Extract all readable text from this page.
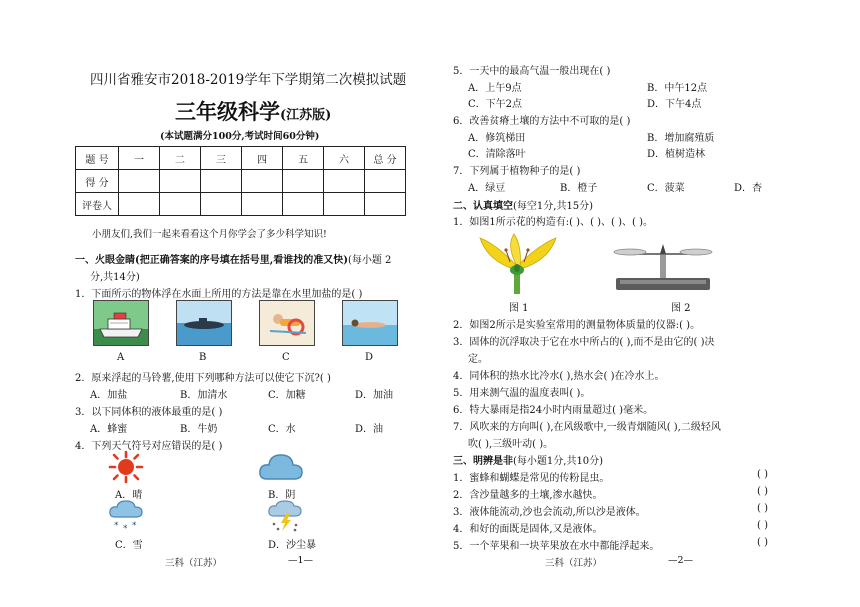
四川省雅安市2018-2019学年下学期第二次模拟试题
三年级科学(江苏版)
(本试题满分100分,考试时间60分钟)
题 号	一	二	三	四	五	六	总 分
得 分							
评卷人							
小朋友们,我们一起来看看这个月你学会了多少科学知识!
一、火眼金睛(把正确答案的序号填在括号里,看谁找的准又快)(每小题 2
分,共14分)
1．下面所示的物体浮在水面上所用的方法是靠在水里加盐的是( )
A	B	C	D
2．原来浮起的马铃薯,使用下列哪种方法可以使它下沉?( )
A．加盐	B．加清水	C．加糖	D．加油
3．以下同体积的液体最重的是( )
A．蜂蜜	B．牛奶	C．水	D．油
4．下列天气符号对应错误的是( )
A．晴	B．阴
* * *
C．雪	D．沙尘暴
三科（江苏）	—1—
5．一天中的最高气温一般出现在( )
A．上午9点	B．中午12点
C．下午2点	D．下午4点
6．改善贫瘠土壤的方法中不可取的是( )
A．修筑梯田	B．增加腐殖质
C．清除落叶	D．植树造林
7．下列属于植物种子的是( )
A．绿豆	B．橙子	C．菠菜	D．杏
二、认真填空(每空1分,共15分)
1．如图1所示花的构造有:( )、( )、( )、( )。
图 1	图 2
2．如图2所示是实验室常用的测量物体质量的仪器:( )。
3．固体的沉浮取决于它在水中所占的( ),而不是由它的( )决
定。
4．同体积的热水比冷水( ),热水会( )在冷水上。
5．用来测气温的温度表叫( )。
6．特大暴雨是指24小时内雨量超过( )毫米。
7．风吹来的方向叫( ),在风级歌中,一级青烟随风( ),二级轻风
吹( ),三级叶动( )。
三、明辨是非(每小题1分,共10分)
1．蜜蜂和蝴蝶是常见的传粉昆虫。
2．含沙量越多的土壤,渗水越快。
3．液体能流动,沙也会流动,所以沙是液体。
4．和好的面既是固体,又是液体。
5．一个苹果和一块苹果放在水中都能浮起来。
( )
( )
( )
( )
( )
三科（江苏）	—2—
